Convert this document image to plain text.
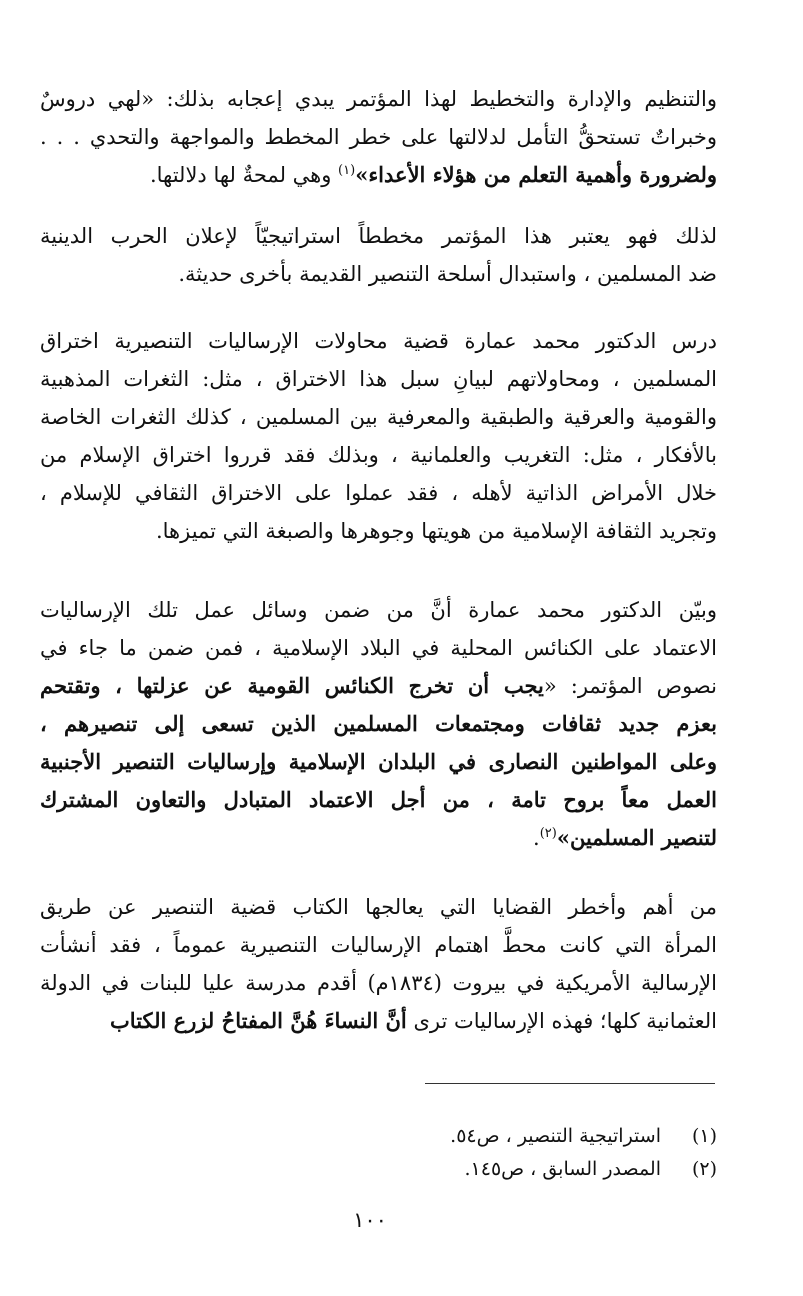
والتنظيم والإدارة والتخطيط لهذا المؤتمر يبدي إعجابه بذلك: «لهي دروسٌ
وخبراتٌ تستحقُّ التأمل لدلالتها على خطر المخطط والمواجهة والتحدي . . .
ولضرورة وأهمية التعلم من هؤلاء الأعداء»$^{(١)}$ وهي لمحةٌ لها دلالتها.
لذلك فهو يعتبر هذا المؤتمر مخططاً استراتيجيّاً لإعلان الحرب الدينية
ضد المسلمين ، واستبدال أسلحة التنصير القديمة بأخرى حديثة.
درس الدكتور محمد عمارة قضية محاولات الإرساليات التنصيرية اختراق
المسلمين ، ومحاولاتهم لبيانِ سبل هذا الاختراق ، مثل: الثغرات المذهبية
والقومية والعرقية والطبقية والمعرفية بين المسلمين ، كذلك الثغرات الخاصة
بالأفكار ، مثل: التغريب والعلمانية ، وبذلك فقد قرروا اختراق الإسلام من
خلال الأمراض الذاتية لأهله ، فقد عملوا على الاختراق الثقافي للإسلام ،
وتجريد الثقافة الإسلامية من هويتها وجوهرها والصبغة التي تميزها.
وبيّن الدكتور محمد عمارة أنَّ من ضمن وسائل عمل تلك الإرساليات
الاعتماد على الكنائس المحلية في البلاد الإسلامية ، فمن ضمن ما جاء في
نصوص المؤتمر: «يجب أن تخرج الكنائس القومية عن عزلتها ، وتقتحم
بعزم جديد ثقافات ومجتمعات المسلمين الذين تسعى إلى تنصيرهم ،
وعلى المواطنين النصارى في البلدان الإسلامية وإرساليات التنصير الأجنبية
العمل معاً بروح تامة ، من أجل الاعتماد المتبادل والتعاون المشترك
لتنصير المسلمين»$^{(٢)}$.
من أهم وأخطر القضايا التي يعالجها الكتاب قضية التنصير عن طريق
المرأة التي كانت محطَّ اهتمام الإرساليات التنصيرية عموماً ، فقد أنشأت
الإرسالية الأمريكية في بيروت (١٨٣٤م) أقدم مدرسة عليا للبنات في الدولة
العثمانية كلها؛ فهذه الإرساليات ترى أنَّ النساءَ هُنَّ المفتاحُ لزرع الكتاب
(١)استراتيجية التنصير ، ص٥٤.
(٢)المصدر السابق ، ص١٤٥.
١٠٠
